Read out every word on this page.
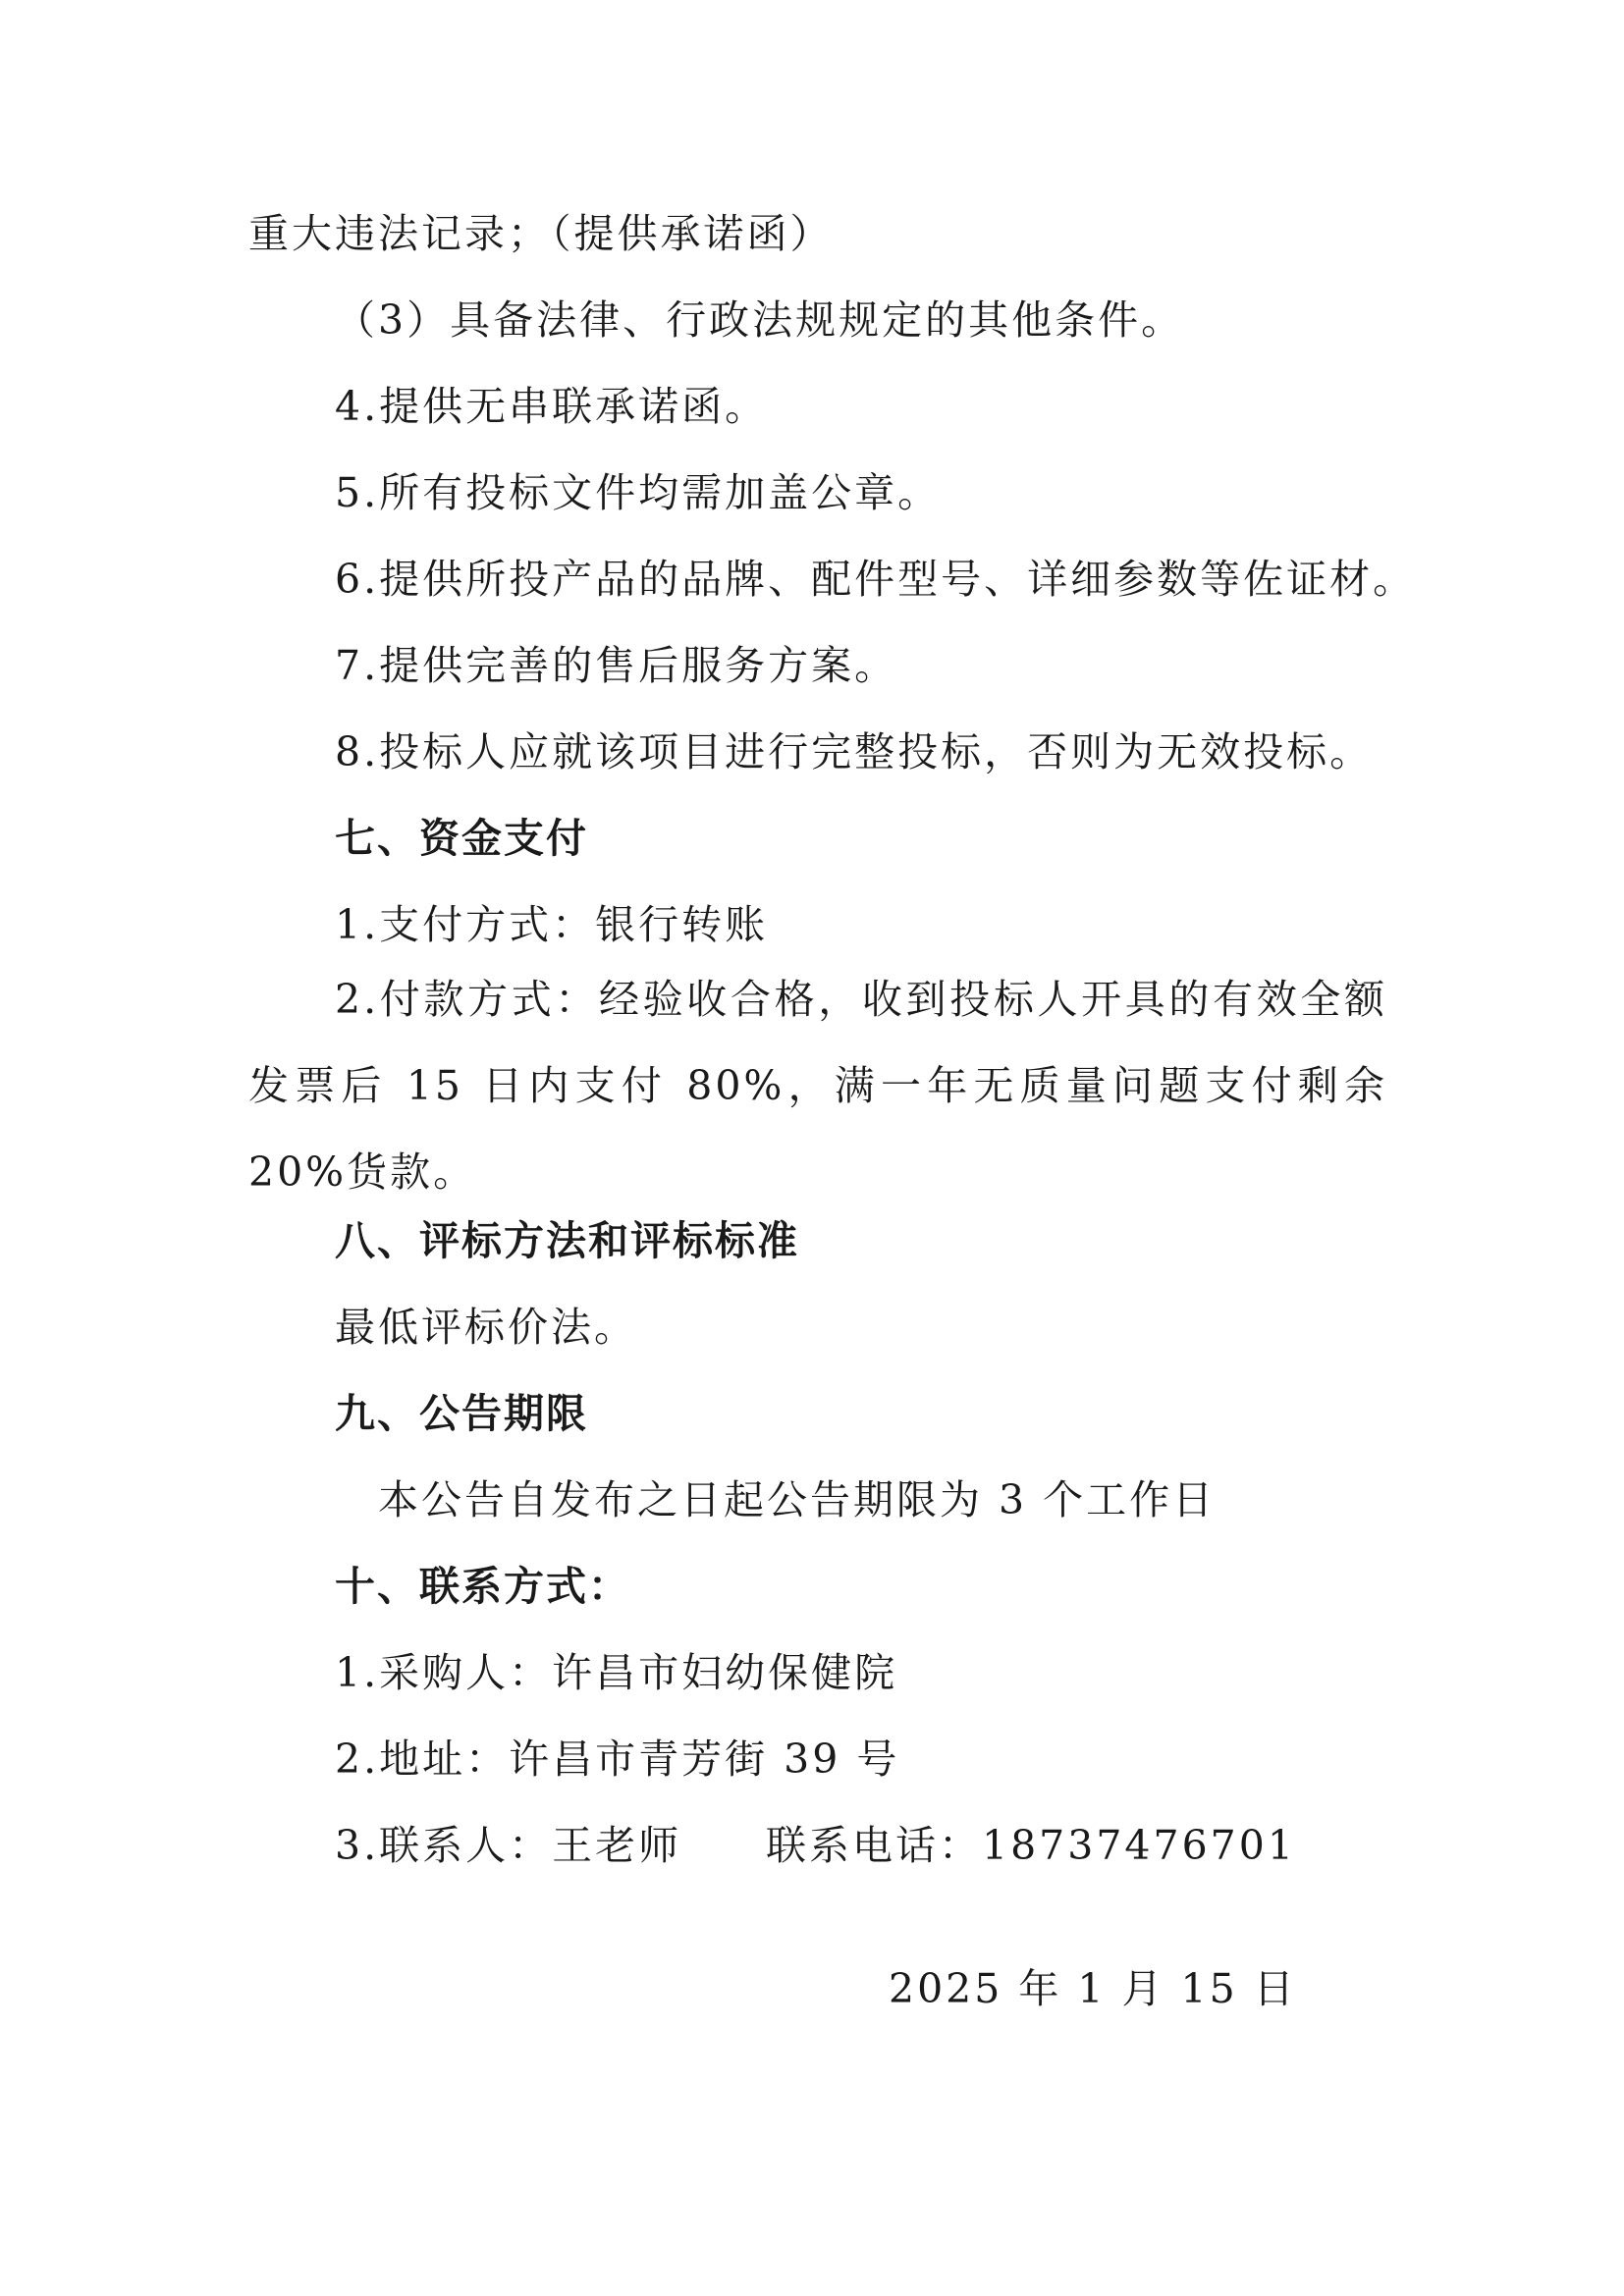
重大违法记录；（提供承诺函）

（3）具备法律、行政法规规定的其他条件。

4.提供无串联承诺函。

5.所有投标文件均需加盖公章。

6.提供所投产品的品牌、配件型号、详细参数等佐证材。

7.提供完善的售后服务方案。

8.投标人应就该项目进行完整投标，否则为无效投标。

七、资金支付

1.支付方式：银行转账

2.付款方式：经验收合格，收到投标人开具的有效全额发票后 15 日内支付 80%，满一年无质量问题支付剩余 20%货款。

八、评标方法和评标标准

最低评标价法。

九、公告期限

本公告自发布之日起公告期限为 3 个工作日

十、联系方式：

1.采购人：许昌市妇幼保健院

2.地址：许昌市青芳街 39 号

3.联系人：王老师 联系电话：18737476701

2025 年 1 月 15 日
